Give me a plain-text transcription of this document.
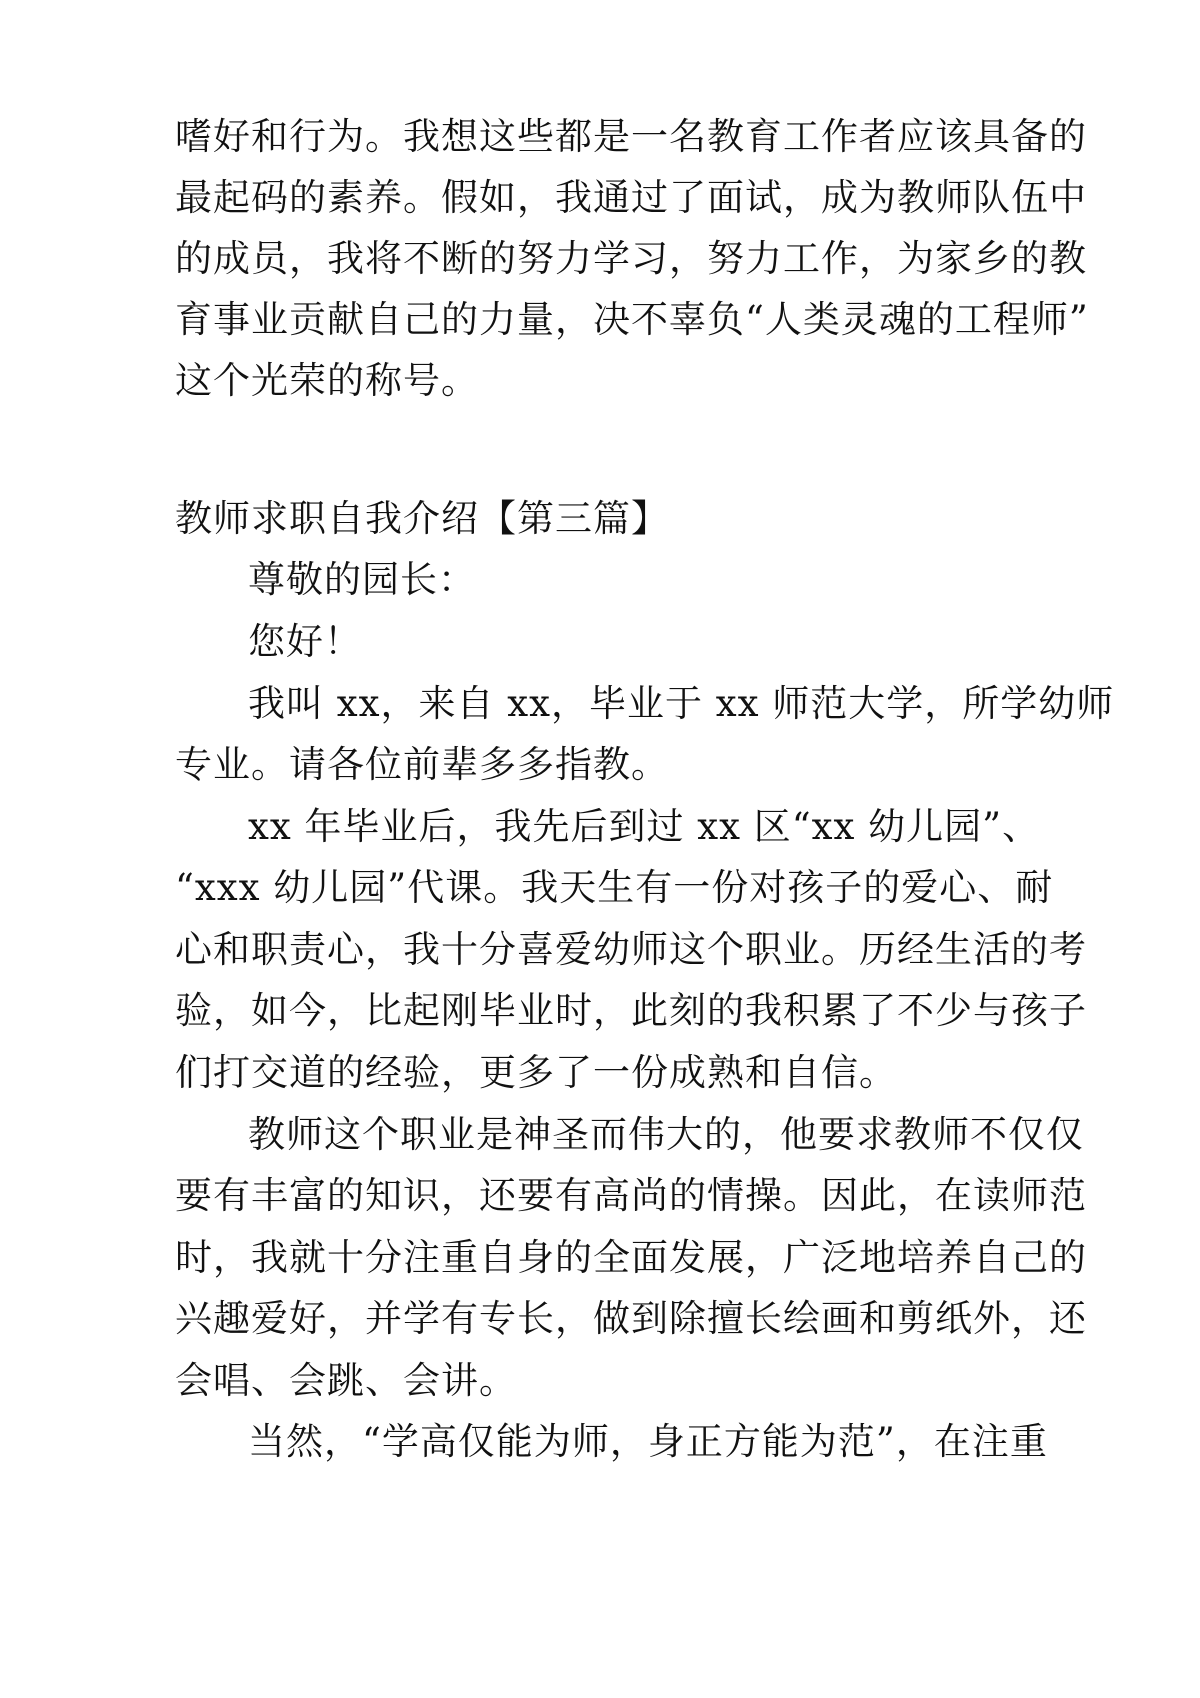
嗜好和行为。我想这些都是一名教育工作者应该具备的

最起码的素养。假如，我通过了面试，成为教师队伍中

的成员，我将不断的努力学习，努力工作，为家乡的教

育事业贡献自己的力量，决不辜负“人类灵魂的工程师”

这个光荣的称号。

教师求职自我介绍【第三篇】

尊敬的园长：

您好！

我叫 xx，来自 xx，毕业于 xx 师范大学，所学幼师

专业。请各位前辈多多指教。

xx 年毕业后，我先后到过 xx 区“xx 幼儿园”、

“xxx 幼儿园”代课。我天生有一份对孩子的爱心、耐

心和职责心，我十分喜爱幼师这个职业。历经生活的考

验，如今，比起刚毕业时，此刻的我积累了不少与孩子

们打交道的经验，更多了一份成熟和自信。

教师这个职业是神圣而伟大的，他要求教师不仅仅

要有丰富的知识，还要有高尚的情操。因此，在读师范

时，我就十分注重自身的全面发展，广泛地培养自己的

兴趣爱好，并学有专长，做到除擅长绘画和剪纸外，还

会唱、会跳、会讲。

当然，“学高仅能为师，身正方能为范”，在注重
